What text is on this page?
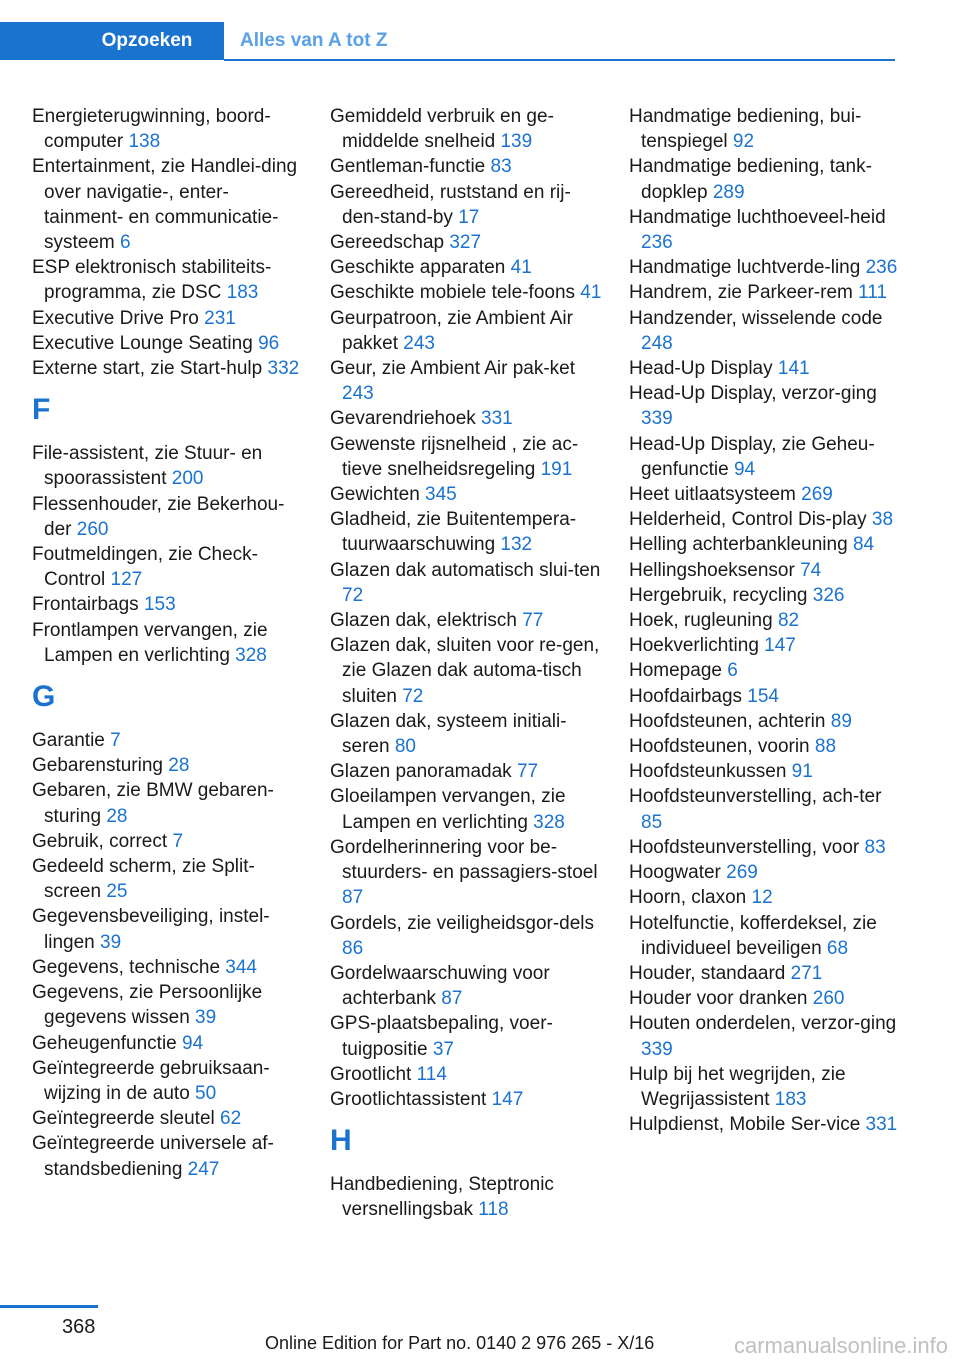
Opzoeken	Alles van A tot Z
Energieterugwinning, boord-computer 138
Entertainment, zie Handlei-ding over navigatie-, enter-tainment- en communicatie-systeem 6
ESP elektronisch stabiliteits-programma, zie DSC 183
Executive Drive Pro 231
Executive Lounge Seating 96
Externe start, zie Start-hulp 332
F
File-assistent, zie Stuur- en spoorassistent 200
Flessenhouder, zie Bekerhou-der 260
Foutmeldingen, zie Check-Control 127
Frontairbags 153
Frontlampen vervangen, zie Lampen en verlichting 328
G
Garantie 7
Gebarensturing 28
Gebaren, zie BMW gebaren-sturing 28
Gebruik, correct 7
Gedeeld scherm, zie Split-screen 25
Gegevensbeveiliging, instel-lingen 39
Gegevens, technische 344
Gegevens, zie Persoonlijke gegevens wissen 39
Geheugenfunctie 94
Geïntegreerde gebruiksaan-wijzing in de auto 50
Geïntegreerde sleutel 62
Geïntegreerde universele af-standsbediening 247
Gemiddeld verbruik en ge-middelde snelheid 139
Gentleman-functie 83
Gereedheid, ruststand en rij-den-stand-by 17
Gereedschap 327
Geschikte apparaten 41
Geschikte mobiele tele-foons 41
Geurpatroon, zie Ambient Air pakket 243
Geur, zie Ambient Air pak-ket 243
Gevarendriehoek 331
Gewenste rijsnelheid , zie ac-tieve snelheidsregeling 191
Gewichten 345
Gladheid, zie Buitentempera-tuurwaarschuwing 132
Glazen dak automatisch slui-ten 72
Glazen dak, elektrisch 77
Glazen dak, sluiten voor re-gen, zie Glazen dak automa-tisch sluiten 72
Glazen dak, systeem initiali-seren 80
Glazen panoramadak 77
Gloeilampen vervangen, zie Lampen en verlichting 328
Gordelherinnering voor be-stuurders- en passagiers-stoel 87
Gordels, zie veiligheidsgor-dels 86
Gordelwaarschuwing voor achterbank 87
GPS-plaatsbepaling, voer-tuigpositie 37
Grootlicht 114
Grootlichtassistent 147
H
Handbediening, Steptronic versnellingsbak 118
Handmatige bediening, bui-tenspiegel 92
Handmatige bediening, tank-dopklep 289
Handmatige luchthoeveel-heid 236
Handmatige luchtverde-ling 236
Handrem, zie Parkeer-rem 111
Handzender, wisselende code 248
Head-Up Display 141
Head-Up Display, verzor-ging 339
Head-Up Display, zie Geheu-genfunctie 94
Heet uitlaatsysteem 269
Helderheid, Control Dis-play 38
Helling achterbankleuning 84
Hellingshoeksensor 74
Hergebruik, recycling 326
Hoek, rugleuning 82
Hoekverlichting 147
Homepage 6
Hoofdairbags 154
Hoofdsteunen, achterin 89
Hoofdsteunen, voorin 88
Hoofdsteunkussen 91
Hoofdsteunverstelling, ach-ter 85
Hoofdsteunverstelling, voor 83
Hoogwater 269
Hoorn, claxon 12
Hotelfunctie, kofferdeksel, zie individueel beveiligen 68
Houder, standaard 271
Houder voor dranken 260
Houten onderdelen, verzor-ging 339
Hulp bij het wegrijden, zie Wegrijassistent 183
Hulpdienst, Mobile Ser-vice 331
368
Online Edition for Part no. 0140 2 976 265 - X/16	carmanualsonline.info
